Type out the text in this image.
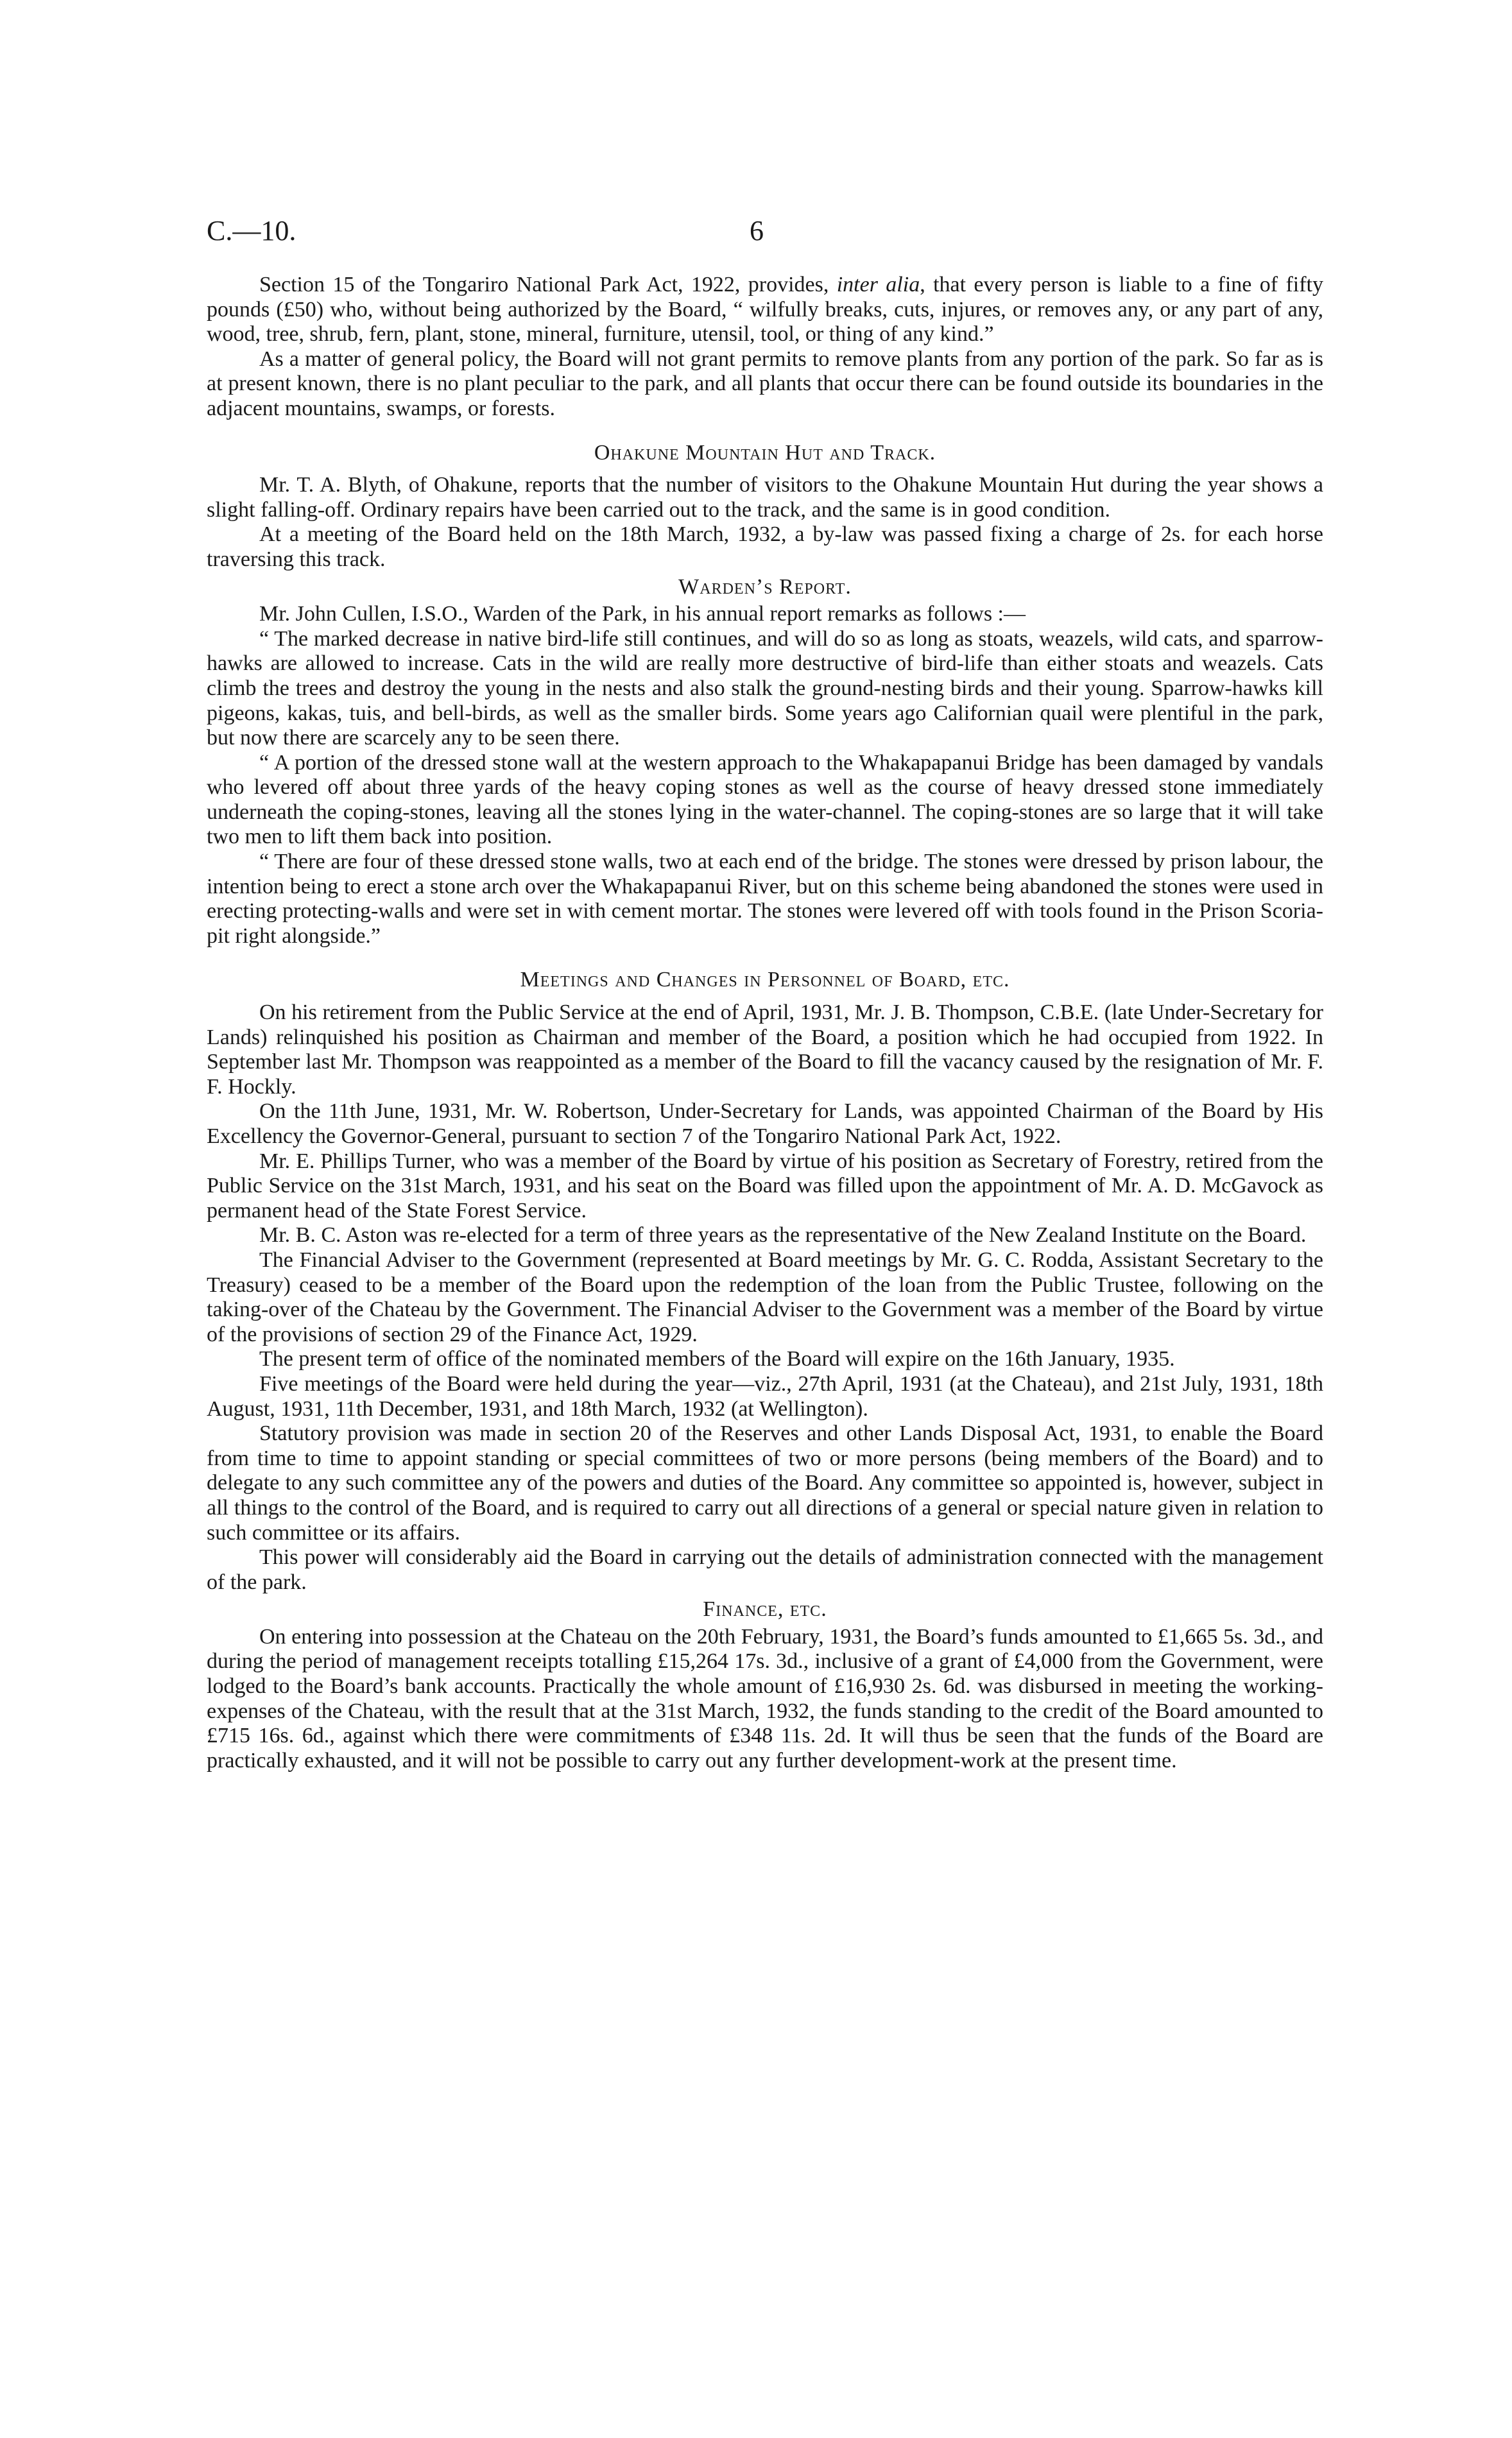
C.—10.	6

Section 15 of the Tongariro National Park Act, 1922, provides, inter alia, that every person is liable to a fine of fifty pounds (£50) who, without being authorized by the Board, “ wilfully breaks, cuts, injures, or removes any, or any part of any, wood, tree, shrub, fern, plant, stone, mineral, furniture, utensil, tool, or thing of any kind.”

As a matter of general policy, the Board will not grant permits to remove plants from any portion of the park. So far as is at present known, there is no plant peculiar to the park, and all plants that occur there can be found outside its boundaries in the adjacent mountains, swamps, or forests.

Ohakune Mountain Hut and Track.

Mr. T. A. Blyth, of Ohakune, reports that the number of visitors to the Ohakune Mountain Hut during the year shows a slight falling-off. Ordinary repairs have been carried out to the track, and the same is in good condition.

At a meeting of the Board held on the 18th March, 1932, a by-law was passed fixing a charge of 2s. for each horse traversing this track.

Warden’s Report.

Mr. John Cullen, I.S.O., Warden of the Park, in his annual report remarks as follows :—

“ The marked decrease in native bird-life still continues, and will do so as long as stoats, weazels, wild cats, and sparrow-hawks are allowed to increase. Cats in the wild are really more destructive of bird-life than either stoats and weazels. Cats climb the trees and destroy the young in the nests and also stalk the ground-nesting birds and their young. Sparrow-hawks kill pigeons, kakas, tuis, and bell-birds, as well as the smaller birds. Some years ago Californian quail were plentiful in the park, but now there are scarcely any to be seen there.

“ A portion of the dressed stone wall at the western approach to the Whakapapanui Bridge has been damaged by vandals who levered off about three yards of the heavy coping stones as well as the course of heavy dressed stone immediately underneath the coping-stones, leaving all the stones lying in the water-channel. The coping-stones are so large that it will take two men to lift them back into position.

“ There are four of these dressed stone walls, two at each end of the bridge. The stones were dressed by prison labour, the intention being to erect a stone arch over the Whakapapanui River, but on this scheme being abandoned the stones were used in erecting protecting-walls and were set in with cement mortar. The stones were levered off with tools found in the Prison Scoria-pit right alongside.”

Meetings and Changes in Personnel of Board, etc.

On his retirement from the Public Service at the end of April, 1931, Mr. J. B. Thompson, C.B.E. (late Under-Secretary for Lands) relinquished his position as Chairman and member of the Board, a position which he had occupied from 1922. In September last Mr. Thompson was reappointed as a member of the Board to fill the vacancy caused by the resignation of Mr. F. F. Hockly.

On the 11th June, 1931, Mr. W. Robertson, Under-Secretary for Lands, was appointed Chairman of the Board by His Excellency the Governor-General, pursuant to section 7 of the Tongariro National Park Act, 1922.

Mr. E. Phillips Turner, who was a member of the Board by virtue of his position as Secretary of Forestry, retired from the Public Service on the 31st March, 1931, and his seat on the Board was filled upon the appointment of Mr. A. D. McGavock as permanent head of the State Forest Service.

Mr. B. C. Aston was re-elected for a term of three years as the representative of the New Zealand Institute on the Board.

The Financial Adviser to the Government (represented at Board meetings by Mr. G. C. Rodda, Assistant Secretary to the Treasury) ceased to be a member of the Board upon the redemption of the loan from the Public Trustee, following on the taking-over of the Chateau by the Government. The Financial Adviser to the Government was a member of the Board by virtue of the provisions of section 29 of the Finance Act, 1929.

The present term of office of the nominated members of the Board will expire on the 16th January, 1935.

Five meetings of the Board were held during the year—viz., 27th April, 1931 (at the Chateau), and 21st July, 1931, 18th August, 1931, 11th December, 1931, and 18th March, 1932 (at Wellington).

Statutory provision was made in section 20 of the Reserves and other Lands Disposal Act, 1931, to enable the Board from time to time to appoint standing or special committees of two or more persons (being members of the Board) and to delegate to any such committee any of the powers and duties of the Board. Any committee so appointed is, however, subject in all things to the control of the Board, and is required to carry out all directions of a general or special nature given in relation to such committee or its affairs.

This power will considerably aid the Board in carrying out the details of administration connected with the management of the park.

Finance, etc.

On entering into possession at the Chateau on the 20th February, 1931, the Board’s funds amounted to £1,665 5s. 3d., and during the period of management receipts totalling £15,264 17s. 3d., inclusive of a grant of £4,000 from the Government, were lodged to the Board’s bank accounts. Practically the whole amount of £16,930 2s. 6d. was disbursed in meeting the working-expenses of the Chateau, with the result that at the 31st March, 1932, the funds standing to the credit of the Board amounted to £715 16s. 6d., against which there were commitments of £348 11s. 2d. It will thus be seen that the funds of the Board are practically exhausted, and it will not be possible to carry out any further development-work at the present time.
